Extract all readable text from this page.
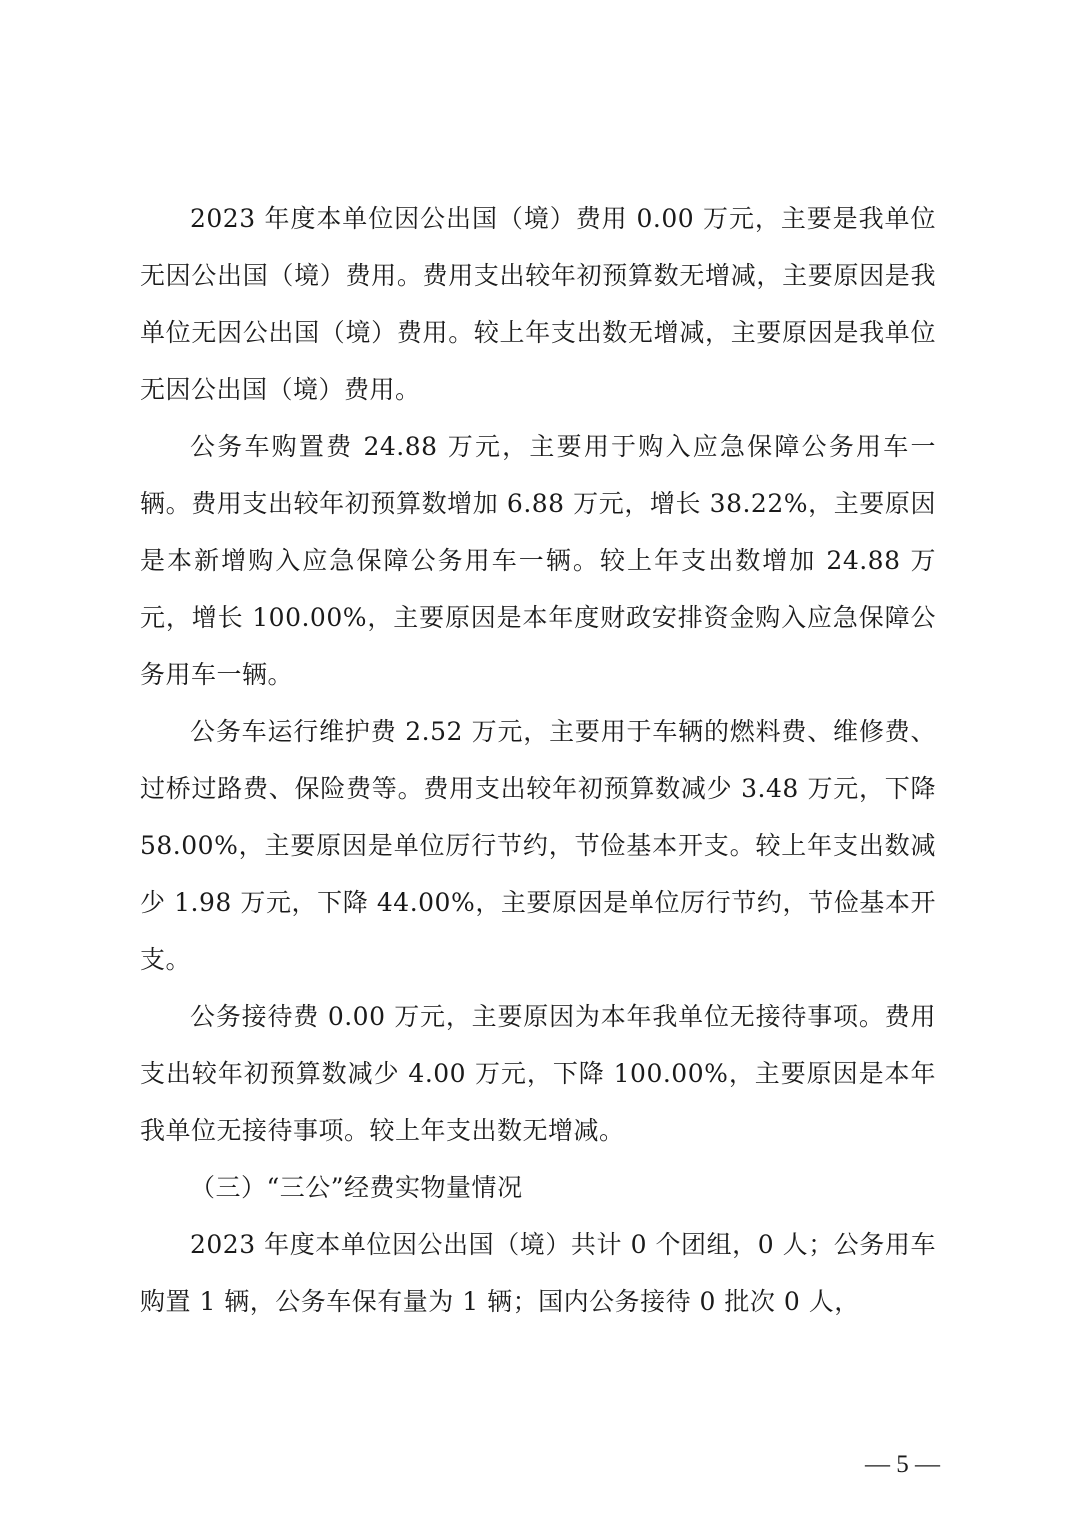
2023 年度本单位因公出国（境）费用 0.00 万元，主要是我单位无因公出国（境）费用。费用支出较年初预算数无增减，主要原因是我单位无因公出国（境）费用。较上年支出数无增减，主要原因是我单位无因公出国（境）费用。

公务车购置费 24.88 万元，主要用于购入应急保障公务用车一辆。费用支出较年初预算数增加 6.88 万元，增长 38.22%，主要原因是本新增购入应急保障公务用车一辆。较上年支出数增加 24.88 万元，增长 100.00%，主要原因是本年度财政安排资金购入应急保障公务用车一辆。

公务车运行维护费 2.52 万元，主要用于车辆的燃料费、维修费、过桥过路费、保险费等。费用支出较年初预算数减少 3.48 万元，下降 58.00%，主要原因是单位厉行节约，节俭基本开支。较上年支出数减少 1.98 万元，下降 44.00%，主要原因是单位厉行节约，节俭基本开支。

公务接待费 0.00 万元，主要原因为本年我单位无接待事项。费用支出较年初预算数减少 4.00 万元，下降 100.00%，主要原因是本年我单位无接待事项。较上年支出数无增减。

（三）“三公”经费实物量情况

2023 年度本单位因公出国（境）共计 0 个团组，0 人；公务用车购置 1 辆，公务车保有量为 1 辆；国内公务接待 0 批次 0 人，

— 5 —
